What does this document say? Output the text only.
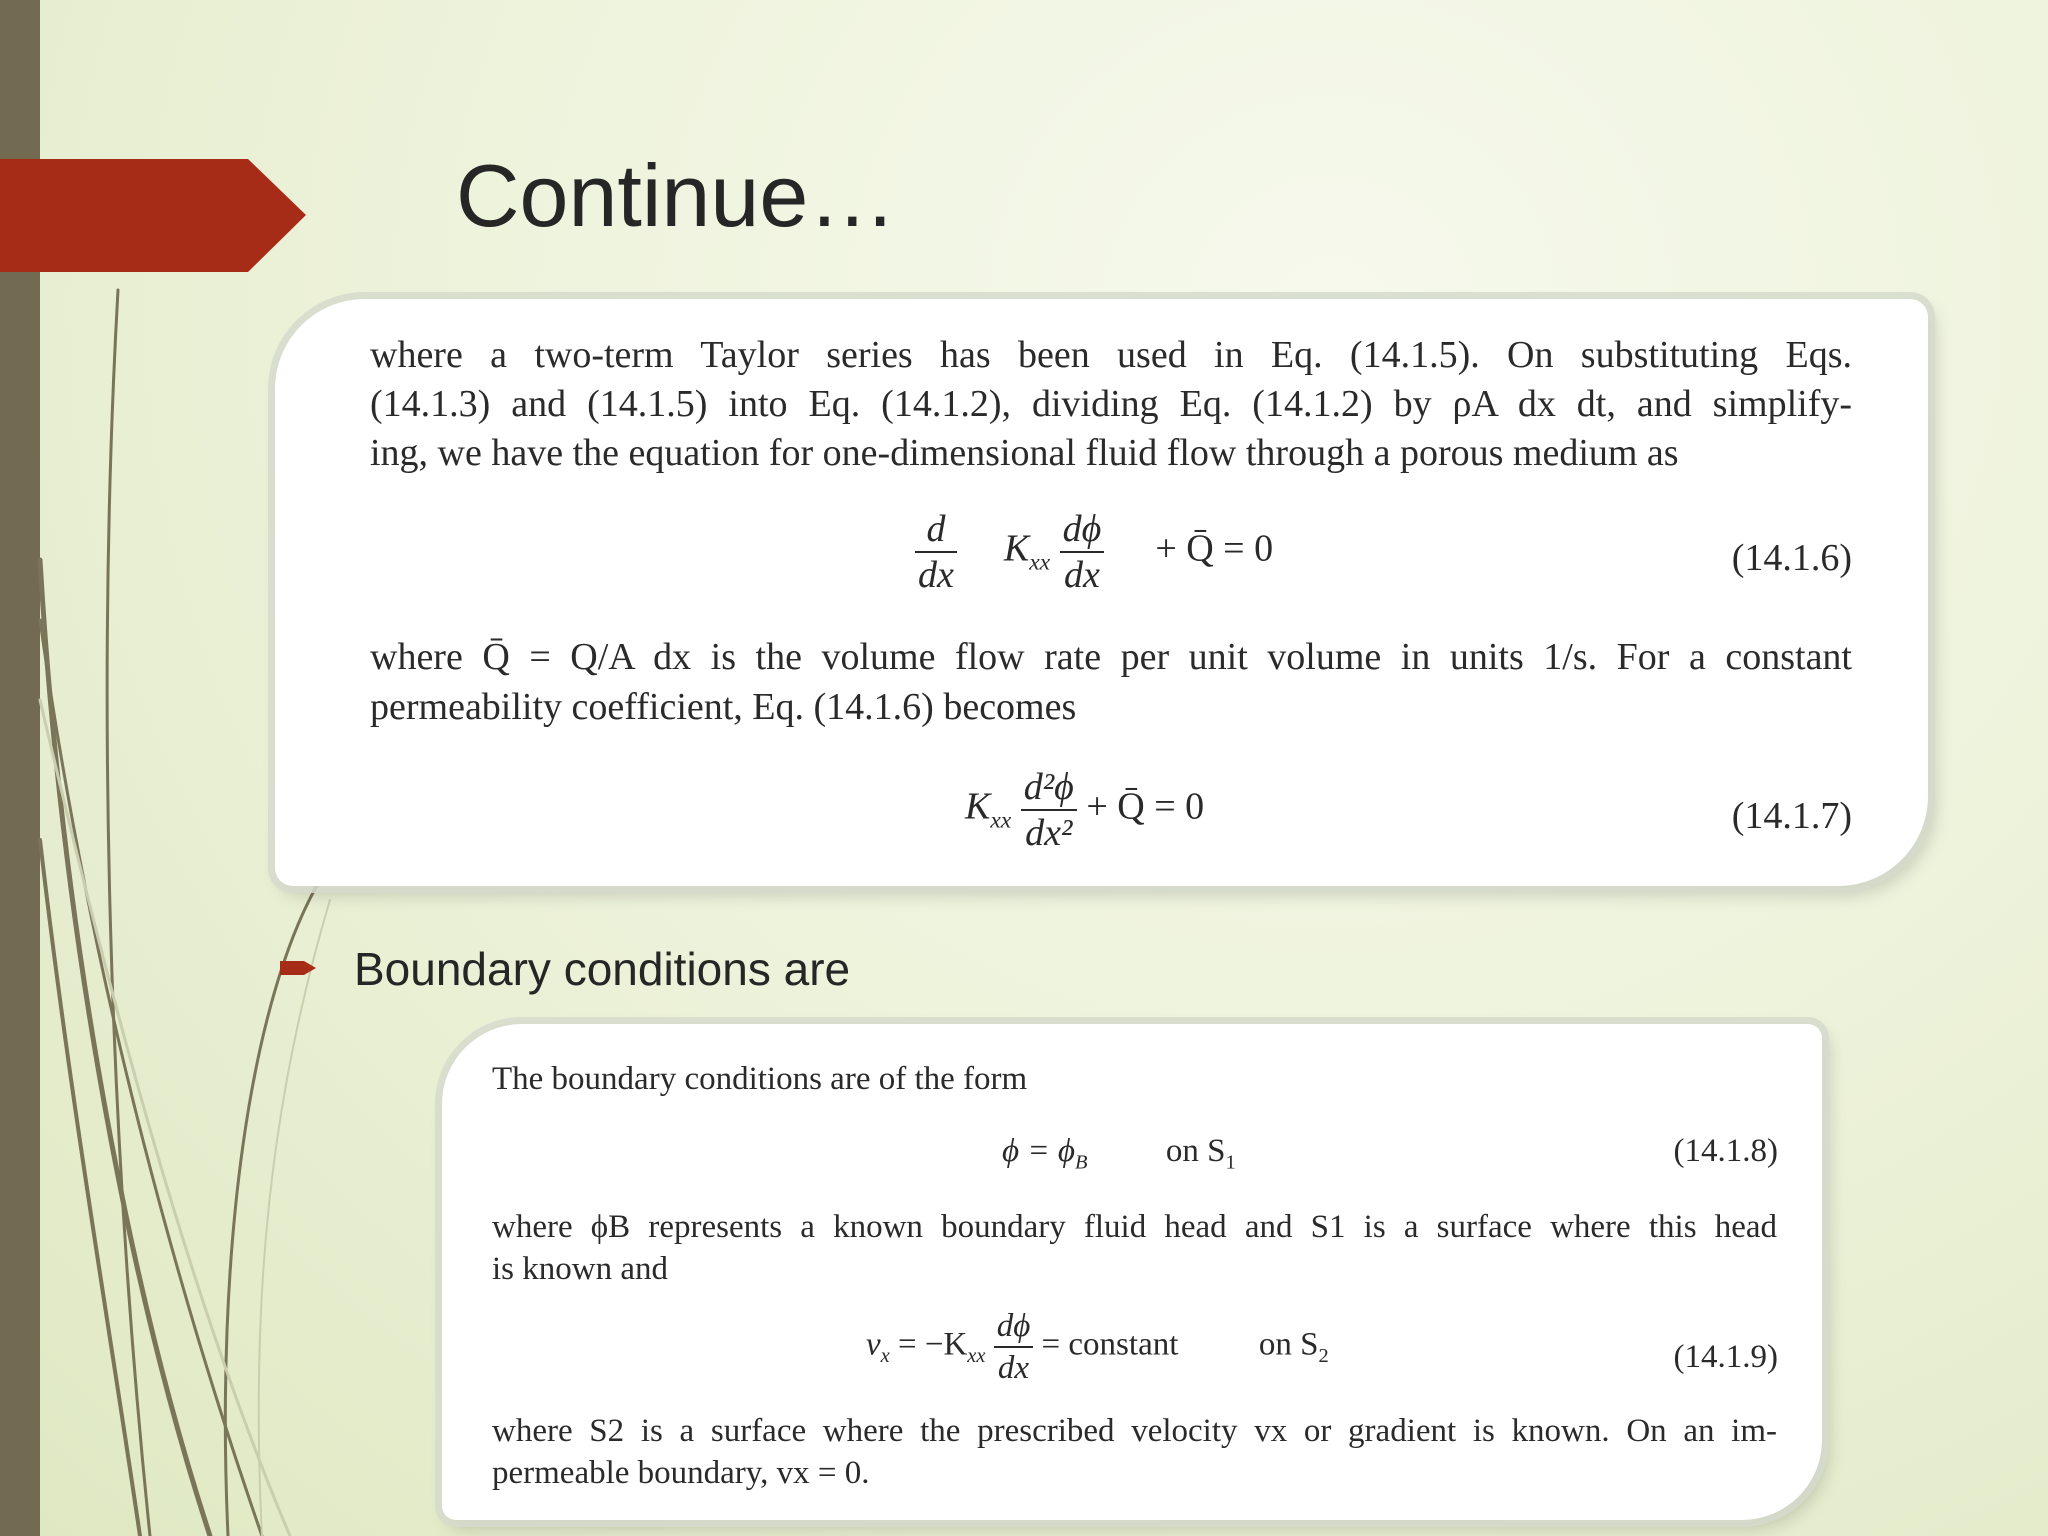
Continue…

where a two-term Taylor series has been used in Eq. (14.1.5). On substituting Eqs.

(14.1.3) and (14.1.5) into Eq. (14.1.2), dividing Eq. (14.1.2) by ρA dx dt, and simplify-

ing, we have the equation for one-dimensional fluid flow through a porous medium as

$\frac{d}{dx} K_{xx} \frac{d\phi}{dx}$ + Q̄ = 0	(14.1.6)

where Q̄ = Q/A dx is the volume flow rate per unit volume in units 1/s. For a constant

permeability coefficient, Eq. (14.1.6) becomes

$K_{xx} \frac{\text{d²ϕ}}{\text{dx²}}$ + Q̄ = 0	(14.1.7)
Boundary conditions are

The boundary conditions are of the form

$\phi = \phi_B$ on $S_1$	(14.1.8)

where ϕB represents a known boundary fluid head and S1 is a surface where this head

is known and

$v_x = -K_{xx} \frac{d\phi}{dx}$ = constant on $S_2$	(14.1.9)

where S2 is a surface where the prescribed velocity vx or gradient is known. On an im-

permeable boundary, vx = 0.
